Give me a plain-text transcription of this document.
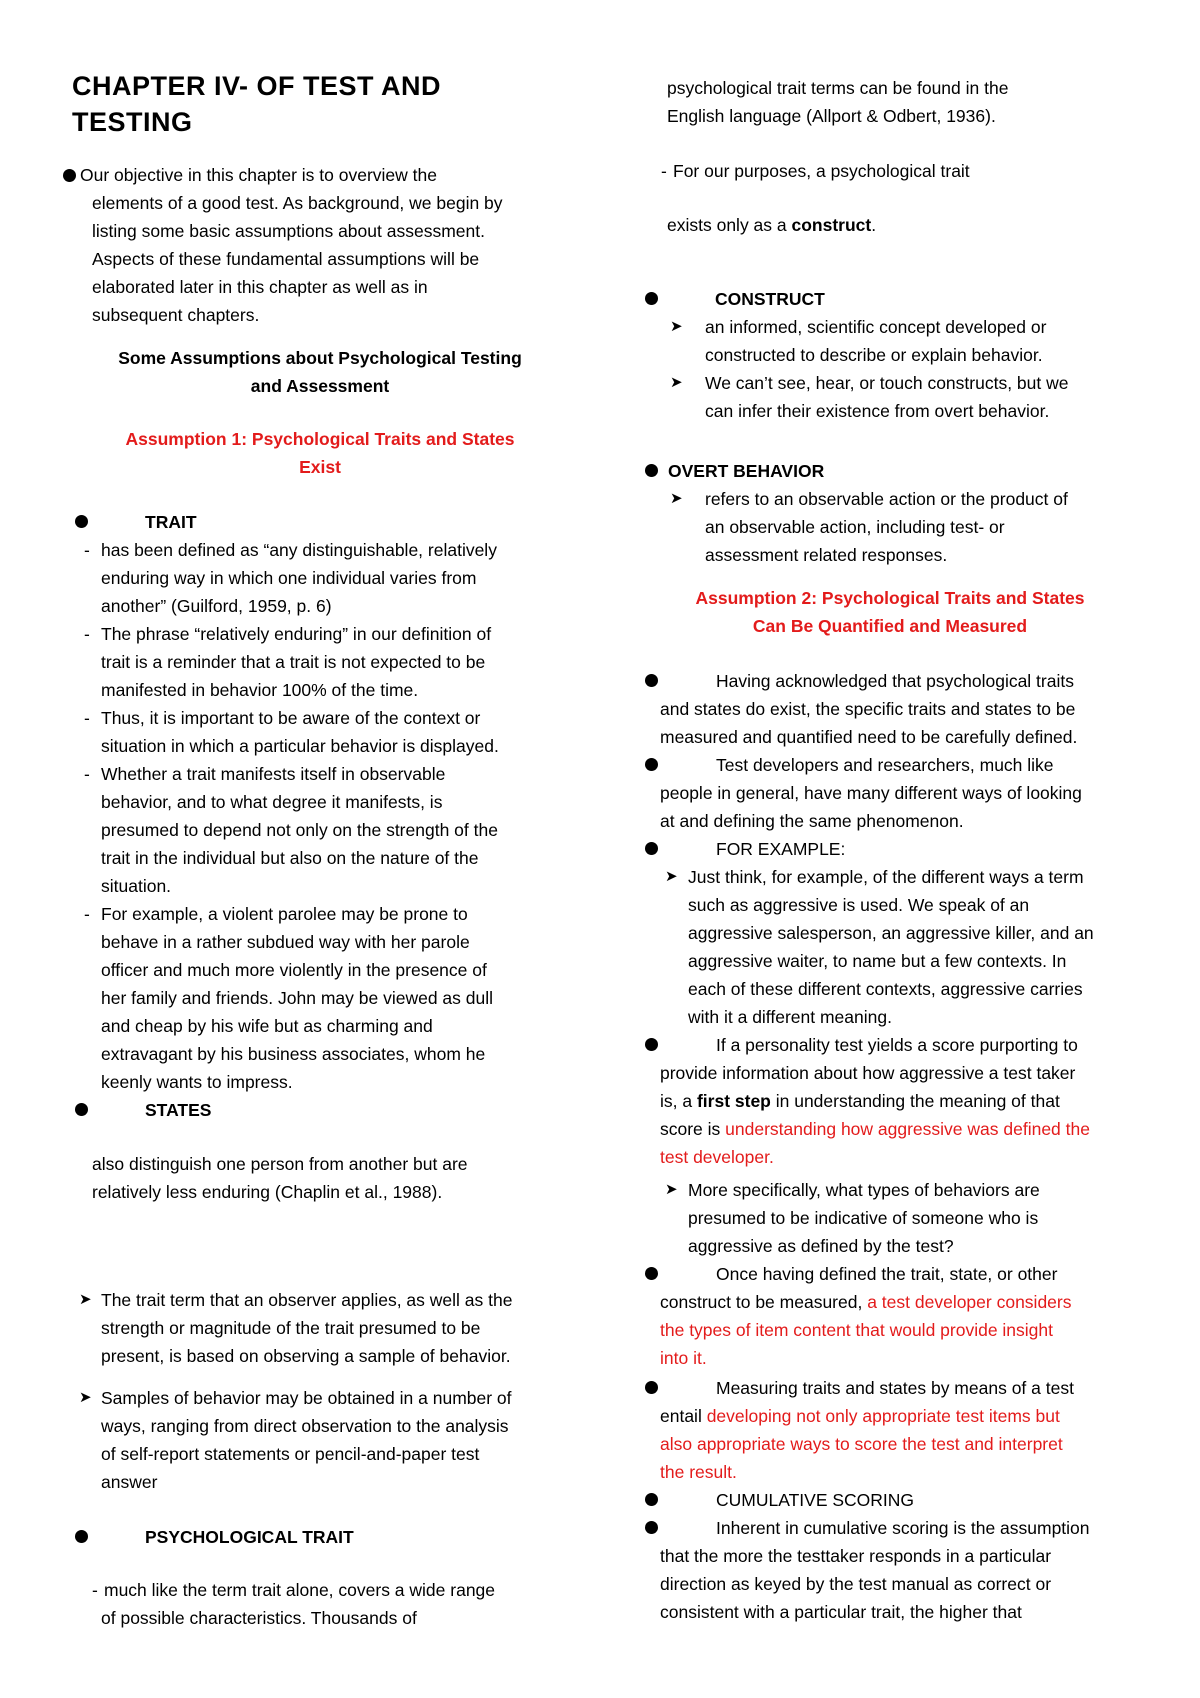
CHAPTER IV- OF TEST AND
TESTING
Our objective in this chapter is to overview the
elements of a good test. As background, we begin by
listing some basic assumptions about assessment.
Aspects of these fundamental assumptions will be
elaborated later in this chapter as well as in
subsequent chapters.
Some Assumptions about Psychological Testing
and Assessment
Assumption 1: Psychological Traits and States
Exist
TRAIT
- has been defined as “any distinguishable, relatively
enduring way in which one individual varies from
another” (Guilford, 1959, p. 6)
- The phrase “relatively enduring” in our definition of
trait is a reminder that a trait is not expected to be
manifested in behavior 100% of the time.
- Thus, it is important to be aware of the context or
situation in which a particular behavior is displayed.
- Whether a trait manifests itself in observable
behavior, and to what degree it manifests, is
presumed to depend not only on the strength of the
trait in the individual but also on the nature of the
situation.
- For example, a violent parolee may be prone to
behave in a rather subdued way with her parole
officer and much more violently in the presence of
her family and friends. John may be viewed as dull
and cheap by his wife but as charming and
extravagant by his business associates, whom he
keenly wants to impress.
STATES
also distinguish one person from another but are
relatively less enduring (Chaplin et al., 1988).
➤ The trait term that an observer applies, as well as the
strength or magnitude of the trait presumed to be
present, is based on observing a sample of behavior.
➤ Samples of behavior may be obtained in a number of
ways, ranging from direct observation to the analysis
of self-report statements or pencil-and-paper test
answer
PSYCHOLOGICAL TRAIT
- much like the term trait alone, covers a wide range
of possible characteristics. Thousands of
psychological trait terms can be found in the
English language (Allport & Odbert, 1936).
- For our purposes, a psychological trait
exists only as a construct.
CONSTRUCT
➤ an informed, scientific concept developed or
constructed to describe or explain behavior.
➤ We can’t see, hear, or touch constructs, but we
can infer their existence from overt behavior.
OVERT BEHAVIOR
➤ refers to an observable action or the product of
an observable action, including test- or
assessment related responses.
Assumption 2: Psychological Traits and States
Can Be Quantified and Measured
Having acknowledged that psychological traits
and states do exist, the specific traits and states to be
measured and quantified need to be carefully defined.
Test developers and researchers, much like
people in general, have many different ways of looking
at and defining the same phenomenon.
FOR EXAMPLE:
➤ Just think, for example, of the different ways a term
such as aggressive is used. We speak of an
aggressive salesperson, an aggressive killer, and an
aggressive waiter, to name but a few contexts. In
each of these different contexts, aggressive carries
with it a different meaning.
If a personality test yields a score purporting to
provide information about how aggressive a test taker
is, a first step in understanding the meaning of that
score is understanding how aggressive was defined the
test developer.
➤ More specifically, what types of behaviors are
presumed to be indicative of someone who is
aggressive as defined by the test?
Once having defined the trait, state, or other
construct to be measured, a test developer considers
the types of item content that would provide insight
into it.
Measuring traits and states by means of a test
entail developing not only appropriate test items but
also appropriate ways to score the test and interpret
the result.
CUMULATIVE SCORING
Inherent in cumulative scoring is the assumption
that the more the testtaker responds in a particular
direction as keyed by the test manual as correct or
consistent with a particular trait, the higher that
